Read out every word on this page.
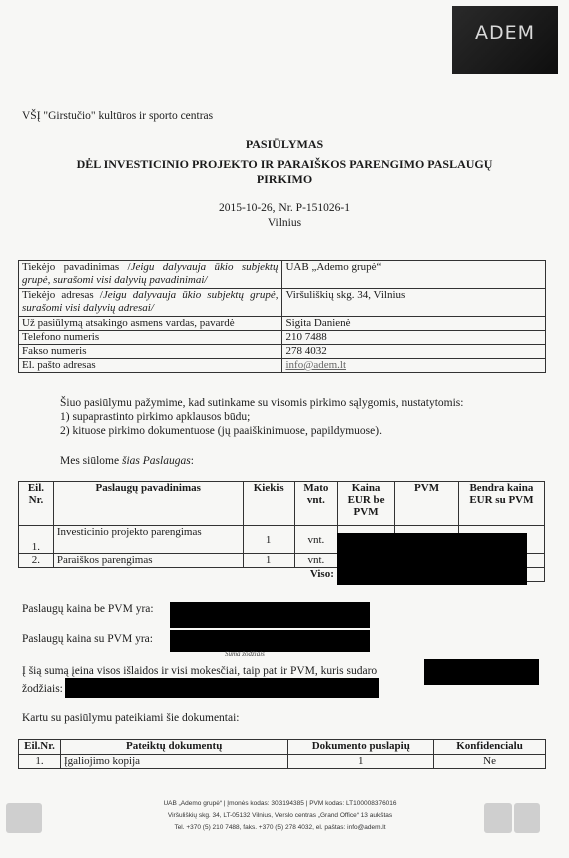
ADEM
VŠĮ "Girstučio" kultūros ir sporto centras
PASIŪLYMAS
DĖL INVESTICINIO PROJEKTO IR PARAIŠKOS PARENGIMO PASLAUGŲ
PIRKIMO
2015-10-26, Nr. P-151026-1
Vilnius
Tiekėjo pavadinimas /Jeigu dalyvauja ūkio subjektų grupė, surašomi visi dalyvių pavadinimai/	UAB „Ademo grupė“
Tiekėjo adresas /Jeigu dalyvauja ūkio subjektų grupė, surašomi visi dalyvių adresai/	Viršuliškių skg. 34, Vilnius
Už pasiūlymą atsakingo asmens vardas, pavardė	Sigita Danienė
Telefono numeris	210 7488
Fakso numeris	278 4032
El. pašto adresas	info@adem.lt
Šiuo pasiūlymu pažymime, kad sutinkame su visomis pirkimo sąlygomis, nustatytomis:
1) supaprastinto pirkimo apklausos būdu;
2) kituose pirkimo dokumentuose (jų paaiškinimuose, papildymuose).
Mes siūlome šias Paslaugas:
Eil. Nr.	Paslaugų pavadinimas	Kiekis	Mato vnt.	Kaina EUR be PVM	PVM	Bendra kaina EUR su PVM
1.	Investicinio projekto parengimas	1	vnt.			
2.	Paraiškos parengimas	1	vnt.			
Viso:						
Paslaugų kaina be PVM yra:
Paslaugų kaina su PVM yra:
Suma žodžiais
Į šią sumą įeina visos išlaidos ir visi mokesčiai, taip pat ir PVM, kuris sudaro
žodžiais:
Kartu su pasiūlymu pateikiami šie dokumentai:
Eil.Nr.	Pateiktų dokumentų	Dokumento puslapių	Konfidencialu
1.	Įgaliojimo kopija	1	Ne
UAB „Ademo grupė“ | Įmonės kodas: 303194385 | PVM kodas: LT100008376016
Viršuliškių skg. 34, LT-05132 Vilnius, Verslo centras „Grand Office“ 13 aukštas
Tel. +370 (5) 210 7488, faks. +370 (5) 278 4032, el. paštas: info@adem.lt
